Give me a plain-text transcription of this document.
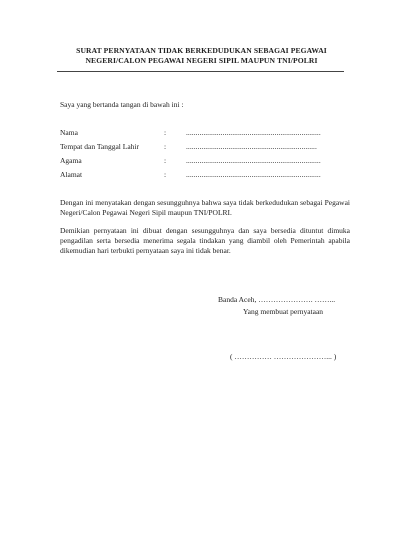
SURAT PERNYATAAN TIDAK BERKEDUDUKAN SEBAGAI PEGAWAI
NEGERI/CALON PEGAWAI NEGERI SIPIL MAUPUN TNI/POLRI
Saya yang bertanda tangan di bawah ini :
Nama	:	......................................................................
Tempat dan Tanggal Lahir	:	....................................................................
Agama	:	......................................................................
Alamat	:	......................................................................
Dengan ini menyatakan dengan sesungguhnya bahwa saya tidak berkedudukan sebagai Pegawai Negeri/Calon Pegawai Negeri Sipil maupun TNI/POLRI.
Demikian pernyataan ini dibuat dengan sesungguhnya dan saya bersedia dituntut dimuka pengadilan serta bersedia menerima segala tindakan yang diambil oleh Pemerintah apabila dikemudian hari terbukti pernyataan saya ini tidak benar.
Banda Aceh, …………………. ……...
Yang membuat pernyataan
( …………… …………………... )
